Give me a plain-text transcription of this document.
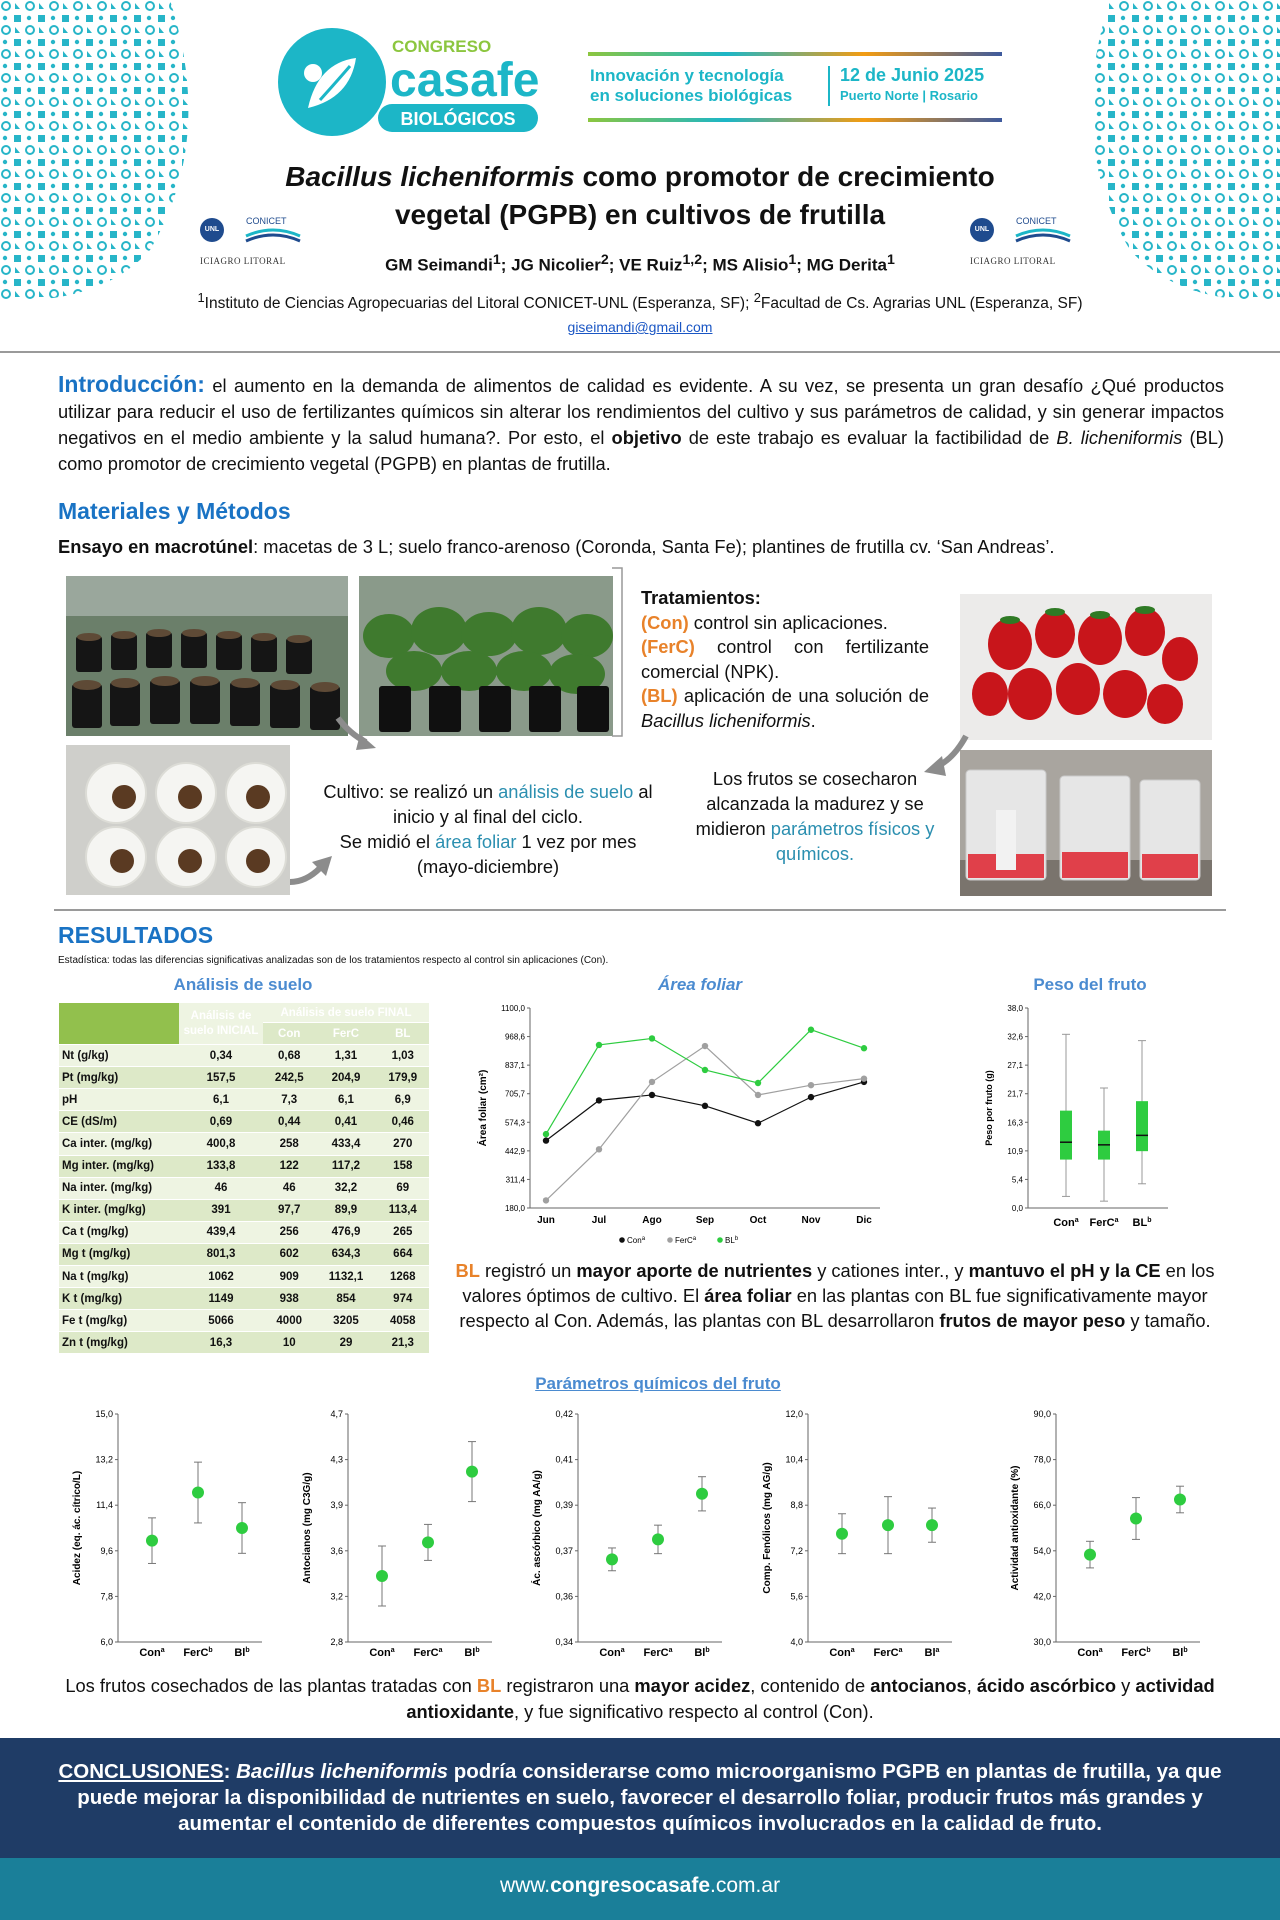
CONGRESO
casafe
BIOLÓGICOS
Innovación y tecnología
en soluciones biológicas
12 de Junio 2025
Puerto Norte | Rosario
UNL
CONICET
ICIAGRO LITORAL
UNL
CONICET
ICIAGRO LITORAL
Bacillus licheniformis como promotor de crecimiento
vegetal (PGPB) en cultivos de frutilla
GM Seimandi$^1$; JG Nicolier$^2$; VE Ruiz$^{1,2}$; MS Alisio$^1$; MG Derita$^1$
$^1$Instituto de Ciencias Agropecuarias del Litoral CONICET-UNL (Esperanza, SF); $^2$Facultad de Cs. Agrarias UNL (Esperanza, SF)
giseimandi@gmail.com
Introducción: el aumento en la demanda de alimentos de calidad es evidente. A su vez, se presenta un gran desafío ¿Qué productos utilizar para reducir el uso de fertilizantes químicos sin alterar los rendimientos del cultivo y sus parámetros de calidad, y sin generar impactos negativos en el medio ambiente y la salud humana?. Por esto, el objetivo de este trabajo es evaluar la factibilidad de B. licheniformis (BL) como promotor de crecimiento vegetal (PGPB) en plantas de frutilla.
Materiales y Métodos
Ensayo en macrotúnel: macetas de 3 L; suelo franco-arenoso (Coronda, Santa Fe); plantines de frutilla cv. ‘San Andreas’.
Tratamientos:
(Con) control sin aplicaciones.
(FerC) control con fertilizante comercial (NPK).
(BL) aplicación de una solución de Bacillus licheniformis.
Cultivo: se realizó un análisis de suelo al inicio y al final del ciclo.
Se midió el área foliar 1 vez por mes (mayo-diciembre)
Los frutos se cosecharon alcanzada la madurez y se midieron parámetros físicos y químicos.
RESULTADOS
Estadística: todas las diferencias significativas analizadas son de los tratamientos respecto al control sin aplicaciones (Con).
Análisis de suelo
	Análisis de suelo INICIAL	Análisis de suelo FINAL		
		Con	FerC	BL
Nt (g/kg)	0,34	0,68	1,31	1,03
Pt (mg/kg)	157,5	242,5	204,9	179,9
pH	6,1	7,3	6,1	6,9
CE (dS/m)	0,69	0,44	0,41	0,46
Ca inter. (mg/kg)	400,8	258	433,4	270
Mg inter. (mg/kg)	133,8	122	117,2	158
Na inter. (mg/kg)	46	46	32,2	69
K inter. (mg/kg)	391	97,7	89,9	113,4
Ca t (mg/kg)	439,4	256	476,9	265
Mg t (mg/kg)	801,3	602	634,3	664
Na t (mg/kg)	1062	909	1132,1	1268
K t (mg/kg)	1149	938	854	974
Fe t (mg/kg)	5066	4000	3205	4058
Zn t (mg/kg)	16,3	10	29	21,3
Área foliar
180,0
311,4
442,9
574,3
705,7
837,1
968,6
1100,0
Jun	Jul	Ago	Sep	Oct	Nov	Dic
Área foliar (cm²)
Con$^a$	FerC$^a$	$BL^b$
Peso del fruto
0,0
5,4
10,9
16,3
21,7
27,1
32,6
38,0
Peso por fruto (g)
Con$^a$ FerC$^a$ $BL^b$
BL registró un mayor aporte de nutrientes y cationes inter., y mantuvo el pH y la CE en los valores óptimos de cultivo. El área foliar en las plantas con BL fue significativamente mayor respecto al Con. Además, las plantas con BL desarrollaron frutos de mayor peso y tamaño.
Parámetros químicos del fruto
6,0
7,8
9,6
11,4
13,2
15,0
Acidez (eq. ác. cítrico/L)
Con$^a$ FerC$^b$ Bl$^b$
2,8
3,2
3,6
3,9
4,3
4,7
Antocianos (mg C3G/g)
Con$^a$ FerC$^a$ Bl$^b$
0,34
0,36
0,37
0,39
0,41
0,42
Ác. ascórbico (mg AA/g)
Con$^a$ FerC$^a$ Bl$^b$
4,0
5,6
7,2
8,8
10,4
12,0
Comp. Fenólicos (mg AG/g)
Con$^a$ FerC$^a$ Bl$^a$
30,0
42,0
54,0
66,0
78,0
90,0
Actividad antioxidante (%)
Con$^a$ FerC$^b$ Bl$^b$
Los frutos cosechados de las plantas tratadas con BL registraron una mayor acidez, contenido de antocianos, ácido ascórbico y actividad antioxidante, y fue significativo respecto al control (Con).
CONCLUSIONES: Bacillus licheniformis podría considerarse como microorganismo PGPB en plantas de frutilla, ya que puede mejorar la disponibilidad de nutrientes en suelo, favorecer el desarrollo foliar, producir frutos más grandes y aumentar el contenido de diferentes compuestos químicos involucrados en la calidad de fruto.
www.congresocasafe.com.ar
